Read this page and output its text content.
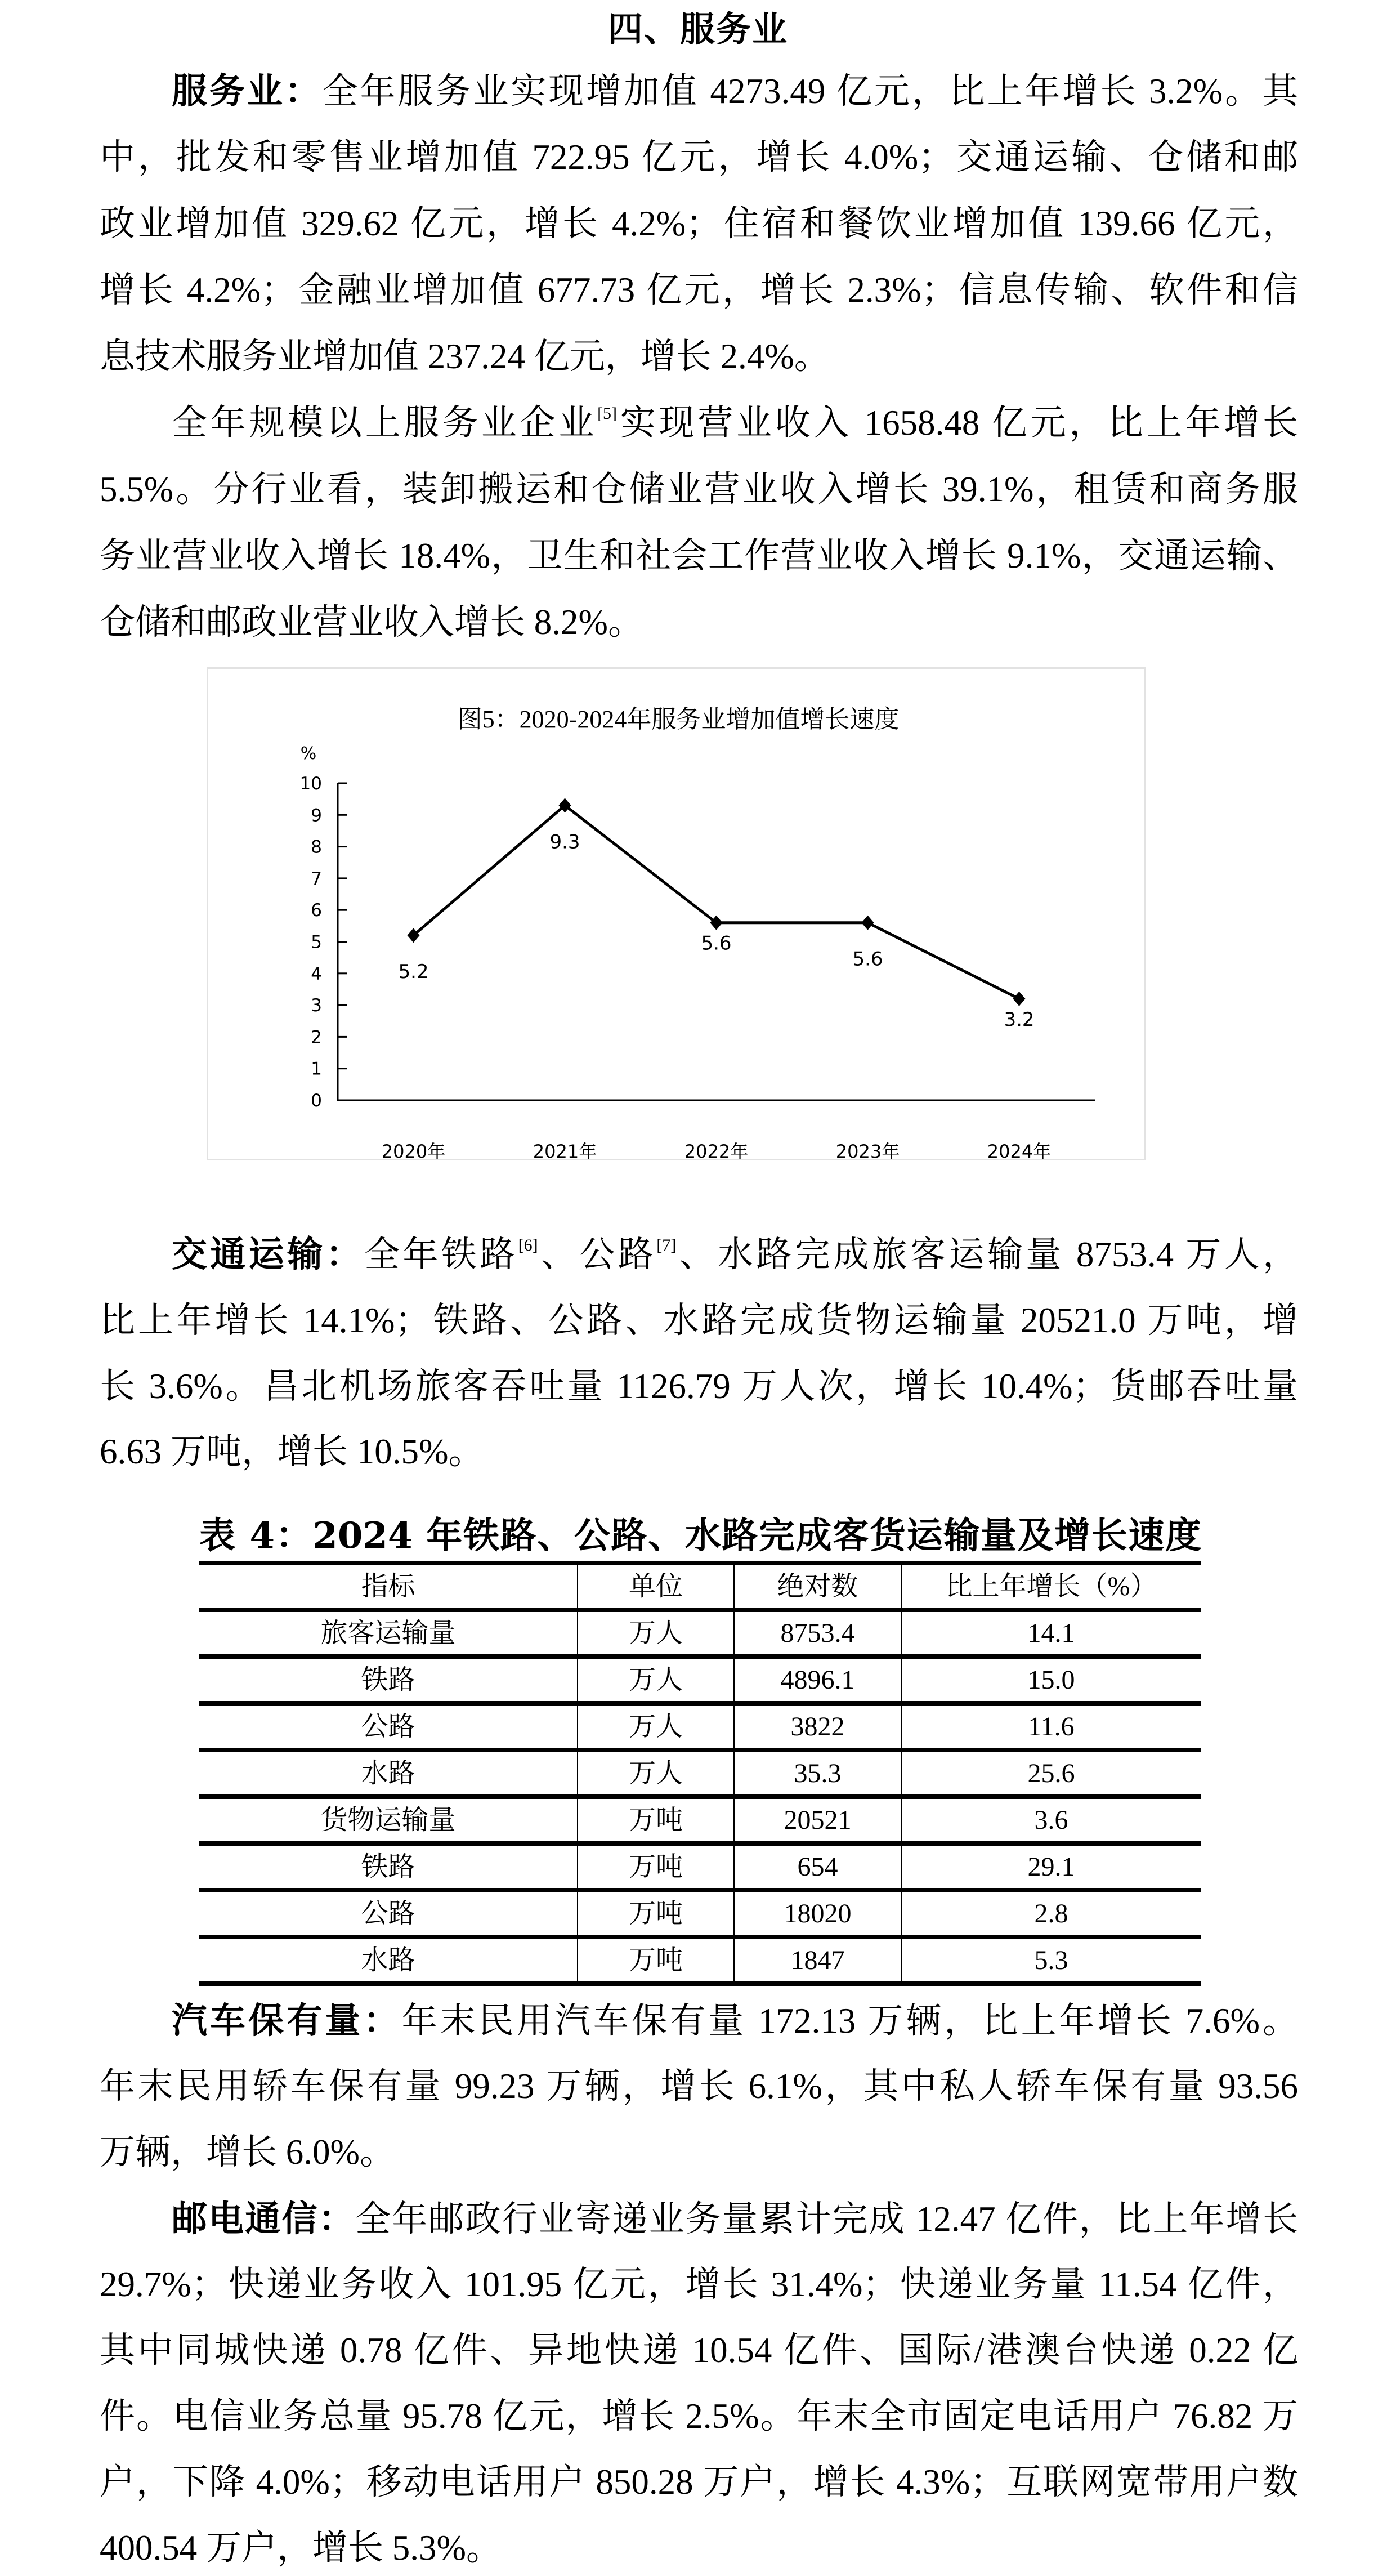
四、服务业
服务业：全年服务业实现增加值 4273.49 亿元，比上年增长 3.2%。其
中，批发和零售业增加值 722.95 亿元，增长 4.0%；交通运输、仓储和邮
政业增加值 329.62 亿元，增长 4.2%；住宿和餐饮业增加值 139.66 亿元，
增长 4.2%；金融业增加值 677.73 亿元，增长 2.3%；信息传输、软件和信
息技术服务业增加值 237.24 亿元，增长 2.4%。
全年规模以上服务业企业[5]实现营业收入 1658.48 亿元，比上年增长
5.5%。分行业看，装卸搬运和仓储业营业收入增长 39.1%，租赁和商务服
务业营业收入增长 18.4%，卫生和社会工作营业收入增长 9.1%，交通运输、
仓储和邮政业营业收入增长 8.2%。
图5：2020-2024年服务业增加值增长速度
%
0
1
2
3
4
5
6
7
8
9
10
2020年	2021年	2022年	2023年	2024年
5.2
9.3
5.6
5.6
3.2
交通运输：全年铁路[6]、公路[7]、水路完成旅客运输量 8753.4 万人，
比上年增长 14.1%；铁路、公路、水路完成货物运输量 20521.0 万吨，增
长 3.6%。昌北机场旅客吞吐量 1126.79 万人次，增长 10.4%；货邮吞吐量
6.63 万吨，增长 10.5%。
表 4：2024 年铁路、公路、水路完成客货运输量及增长速度
指标	单位	绝对数	比上年增长（%）
旅客运输量	万人	8753.4	14.1
铁路	万人	4896.1	15.0
公路	万人	3822	11.6
水路	万人	35.3	25.6
货物运输量	万吨	20521	3.6
铁路	万吨	654	29.1
公路	万吨	18020	2.8
水路	万吨	1847	5.3
汽车保有量：年末民用汽车保有量 172.13 万辆，比上年增长 7.6%。
年末民用轿车保有量 99.23 万辆，增长 6.1%，其中私人轿车保有量 93.56
万辆，增长 6.0%。
邮电通信：全年邮政行业寄递业务量累计完成 12.47 亿件，比上年增长
29.7%；快递业务收入 101.95 亿元，增长 31.4%；快递业务量 11.54 亿件，
其中同城快递 0.78 亿件、异地快递 10.54 亿件、国际/港澳台快递 0.22 亿
件。电信业务总量 95.78 亿元，增长 2.5%。年末全市固定电话用户 76.82 万
户，下降 4.0%；移动电话用户 850.28 万户，增长 4.3%；互联网宽带用户数
400.54 万户，增长 5.3%。
